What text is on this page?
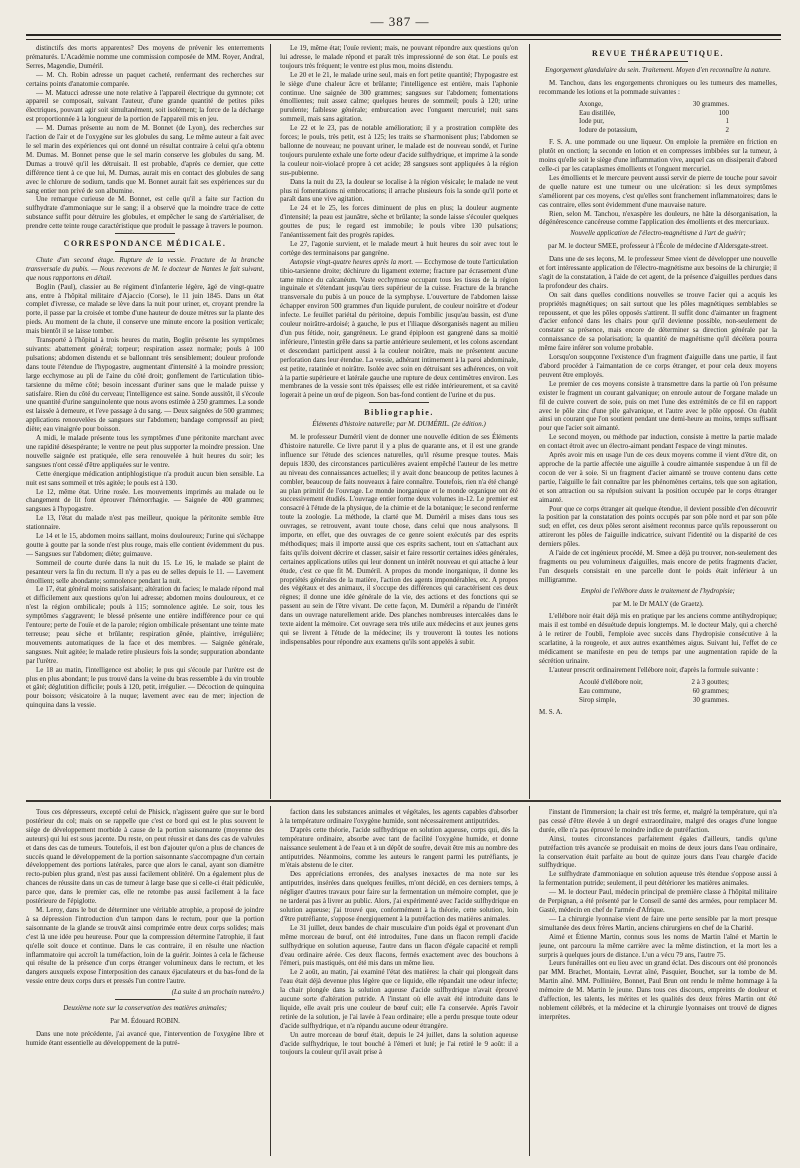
— 387 —

distinctifs des morts apparentes? Des moyens de prévenir les enterrements prématurés. L'Académie nomme une commission composée de MM. Royer, Andral, Serres, Magendie, Duméril.

— M. Ch. Robin adresse un paquet cacheté, renfermant des recherches sur certains points d'anatomie comparée.

— M. Matucci adresse une note relative à l'appareil électrique du gymnote; cet appareil se composait, suivant l'auteur, d'une grande quantité de petites piles électriques, pouvant agir soit simultanément, soit isolément; la force de la décharge est proportionnée à la longueur de la portion de l'appareil mis en jeu.

— M. Dumas présente au nom de M. Bonnet (de Lyon), des recherches sur l'action de l'air et de l'oxygène sur les globules du sang. Le même auteur a fait avec le sel marin des expériences qui ont donné un résultat contraire à celui qu'a obtenu M. Dumas. M. Bonnet pense que le sel marin conserve les globules du sang. M. Dumas a trouvé qu'il les détruisait. Il est probable, d'après ce dernier, que cette différence tient à ce que lui, M. Dumas, aurait mis en contact des globules de sang avec le chlorure de sodium, tandis que M. Bonnet aurait fait ses expériences sur du sang entier non privé de son albumine.

Une remarque curieuse de M. Bonnet, est celle qu'il a faite sur l'action du sulfhydrate d'ammoniaque sur le sang; il a observé que la moindre trace de cette substance suffit pour détruire les globules, et empêcher le sang de s'artérialiser, de prendre cette teinte rouge caractéristique que produit le passage à travers le poumon.

CORRESPONDANCE MÉDICALE.

Chute d'un second étage. Rupture de la vessie. Fracture de la branche transversale du pubis. — Nous recevons de M. le docteur de Nantes le fait suivant, que nous rapportons en détail.

Boglin (Paul), classier au 8e régiment d'infanterie légère, âgé de vingt-quatre ans, entre à l'hôpital militaire d'Ajaccio (Corse), le 11 juin 1845. Dans un état complet d'ivresse, ce malade se lève dans la nuit pour uriner, et, croyant prendre la porte, il passe par la croisée et tombe d'une hauteur de douze mètres sur la plante des pieds. Au moment de la chute, il conserve une minute encore la position verticale; mais bientôt il se laisse tomber.

Transporté à l'hôpital à trois heures du matin, Boglin présente les symptômes suivants: abattement général; torpeur; respiration assez normale; pouls à 100 pulsations; abdomen distendu et se ballonnant très sensiblement; douleur profonde dans toute l'étendue de l'hypogastre, augmentant d'intensité à la moindre pression; large ecchymose au pli de l'aine du côté droit; gonflement de l'articulation tibio-tarsienne du même côté; besoin incessant d'uriner sans que le malade puisse y satisfaire. Rien du côté du cerveau; l'intelligence est saine. Sonde aussitôt, il s'écoule une quantité d'urine sanguinolente que nous avons estimée à 250 grammes. La sonde est laissée à demeure, et l'eve passage à du sang. — Deux saignées de 500 grammes; applications renouvelées de sangsues sur l'abdomen; bandage compressif au pied; diète; eau vinaigrée pour boisson.

A midi, le malade présente tous les symptômes d'une péritonite marchant avec une rapidité désespérante; le ventre ne peut plus supporter la moindre pression. Une nouvelle saignée est pratiquée, elle sera renouvelée à huit heures du soir; les sangsues n'ont cessé d'être appliquées sur le ventre.

Cette énergique médication antiphlogistique n'a produit aucun bien sensible. La nuit est sans sommeil et très agitée; le pouls est à 130.

Le 12, même état. Urine rosée. Les mouvements imprimés au malade ou le changement de lit font éprouver l'hémorrhagie. — Saignée de 400 grammes; sangsues à l'hypogastre.

Le 13, l'état du malade n'est pas meilleur, quoique la péritonite semble être stationnaire.

Le 14 et le 15, abdomen moins saillant, moins douloureux; l'urine qui s'échappe goutte à goutte par la sonde n'est plus rouge, mais elle contient évidemment du pus. — Sangsues sur l'abdomen; diète; guimauve.

Sommeil de courte durée dans la nuit du 15. Le 16, le malade se plaint de pesanteur vers la fin du rectum. Il n'y a pas eu de selles depuis le 11. — Lavement émollient; selle abondante; somnolence pendant la nuit.

Le 17, état général moins satisfaisant; altération du facies; le malade répond mal et difficilement aux questions qu'on lui adresse; abdomen moins douloureux, et ce n'est la région ombilicale; pouls à 115; somnolence agitée. Le soir, tous les symptômes s'aggravent; le blessé présente une entière indifférence pour ce qui l'entoure; perte de l'ouïe et de la parole; région ombilicale présentant une teinte mate terreuse; peau sèche et brûlante; respiration gênée, plaintive, irrégulière; mouvements automatiques de la face et des membres. — Saignée générale, sangsues. Nuit agitée; le malade retire plusieurs fois la sonde; suppuration abondante par l'urètre.

Le 18 au matin, l'intelligence est abolie; le pus qui s'écoule par l'urètre est de plus en plus abondant; le pus trouvé dans la veine du bras ressemble à du vin trouble et gâté; déglutition difficile; pouls à 120, petit, irrégulier. — Décoction de quinquina pour boisson; vésicatoire à la nuque; lavement avec eau de mer; injection de quinquina dans la vessie.

Le 19, même état; l'ouïe revient; mais, ne pouvant répondre aux questions qu'on lui adresse, le malade répond et paraît très impressionné de son état. Le pouls est toujours très fréquent; le ventre est plus mou, moins distendu.

Le 20 et le 21, le malade urine seul, mais en fort petite quantité; l'hypogastre est le siège d'une chaleur âcre et brûlante; l'intelligence est entière, mais l'aphonie continue. Une saignée de 300 grammes; sangsues sur l'abdomen; fomentations émollientes; nuit assez calme; quelques heures de sommeil; pouls à 120; urine purulente; faiblesse générale; emburcation avec l'onguent mercuriel; nuit sans sommeil, mais sans agitation.

Le 22 et le 23, pas de notable amélioration; il y a prostration complète des forces; le pouls, très petit, est à 125; les traits se s'harmonisent plus; l'abdomen se ballonne de nouveau; ne pouvant uriner, le malade est de nouveau sondé, et l'urine toujours purulente exhale une forte odeur d'acide sulfhydrique, et imprime à la sonde la couleur noir-violacé propre à cet acide; 28 sangsues sont appliquées à la région sus-pubienne.

Dans la nuit du 23, la douleur se localise à la région vésicale; le malade ne veut plus ni fomentations ni embrocations; il arrache plusieurs fois la sonde qu'il porte et paraît dans une vive agitation.

Le 24 et le 25, les forces diminuent de plus en plus; la douleur augmente d'intensité; la peau est jaunâtre, sèche et brûlante; la sonde laisse s'écouler quelques gouttes de pus; le regard est immobile; le pouls vibre 130 pulsations; l'anéantissement fait des progrès rapides.

Le 27, l'agonie survient, et le malade meurt à huit heures du soir avec tout le cortège des terminaisons par gangrène.

Autopsie vingt-quatre heures après la mort. — Ecchymose de toute l'articulation tibio-tarsienne droite; déchirure du ligament externe; fracture par écrasement d'une tame mince du calcanéum. Vaste ecchymose occupant tous les tissus de la région inguinale et s'étendant jusqu'au tiers supérieur de la cuisse. Fracture de la branche transversale du pubis à un pouce de la symphyse. L'ouverture de l'abdomen laisse échapper environ 500 grammes d'un liquide purulent, de couleur noirâtre et d'odeur infecte. Le feuillet pariétal du péritoine, depuis l'ombilic jusqu'au bassin, est d'une couleur noirâtre-ardoisé; à gauche, le pus et l'iliaque désorganisés nagent au milieu d'un pus fétide, noir, gangréneux. Le grand épiploon est gangrené dans sa moitié inférieure, l'intestin grêle dans sa partie antérieure seulement, et les colons ascendant et descendant participent aussi à la couleur noirâtre, mais ne présentent aucune perforation dans leur étendue. La vessie, adhérant intimement à la paroi abdominale, est petite, ratatinée et noirâtre. Isolée avec soin en détruisant ses adhérences, on voit à la partie supérieure et latérale gauche une rupture de deux centimètres environ. Les membranes de la vessie sont très épaisses; elle est ridée intérieurement, et sa cavité logerait à peine un œuf de pigeon. Son bas-fond contient de l'urine et du pus.

Bibliographie.
Éléments d'histoire naturelle; par M. DUMÉRIL. (2e édition.)

M. le professeur Duméril vient de donner une nouvelle édition de ses Éléments d'histoire naturelle. Ce livre parut il y a plus de quarante ans, et il est une grande influence sur l'étude des sciences naturelles, qu'il résume presque toutes. Mais depuis 1830, des circonstances particulières avaient empêché l'auteur de les mettre au niveau des connaissances actuelles; il y avait donc beaucoup de petites lacunes à combler, beaucoup de faits nouveaux à faire connaître. Toutefois, rien n'a été changé au plan primitif de l'ouvrage. Le monde inorganique et le monde organique ont été successivement étudiés. L'ouvrage entier forme deux volumes in-12. Le premier est consacré à l'étude de la physique, de la chimie et de la botanique; le second renferme toute la zoologie. La méthode, la clarté que M. Duméril a mises dans tous ses ouvrages, se retrouvent, avant toute chose, dans celui que nous analysons. Il importe, en effet, que des ouvrages de ce genre soient exécutés par des esprits méthodiques; mais il importe aussi que ces esprits sachent, tout en s'attachant aux faits qu'ils doivent décrire et classer, saisir et faire ressortir certaines idées générales, certaines applications utiles qui leur donnent un intérêt nouveau et qui attache à leur étude, c'est ce que fit M. Duméril. A propos du monde inorganique, il donne les propriétés générales de la matière, l'action des agents impondérables, etc. A propos des végétaux et des animaux, il s'occupe des différences qui caractérisent ces deux règnes; il donne une idée générale de la vie, des actions et des fonctions qui se passent au sein de l'être vivant. De cette façon, M. Duméril a répandu de l'intérêt dans un ouvrage naturellement aride. Des planches nombreuses intercalées dans le texte aident la mémoire. Cet ouvrage sera très utile aux médecins et aux jeunes gens qui se livrent à l'étude de la médecine; ils y trouveront là toutes les notions indispensables pour répondre aux examens qu'ils sont appelés à subir.

REVUE THÉRAPEUTIQUE.
Engorgement glandulaire du sein. Traitement. Moyen d'en reconnaître la nature.

M. Tanchou, dans les engorgements chroniques ou les tumeurs des mamelles, recommande les lotions et la pommade suivantes :

Axonge,	30 grammes.
Eau distillée,	100
Iode pur,	1
Iodure de potassium,	2

F. S. A. une pommade ou une liqueur. On emploie la première en friction en plutôt en onction; la seconde en lotion et en compresses imbibées sur la tumeur, à moins qu'elle soit le siège d'une inflammation vive, auquel cas on dissiperait d'abord celle-ci par les cataplasmes émollients et l'onguent mercuriel.

Les émollients et le mercure peuvent aussi servir de pierre de touche pour savoir de quelle nature est une tumeur ou une ulcération: si les deux symptômes s'améliorent par ces moyens, c'est qu'elles sont franchement inflammatoires; dans le cas contraire, elles sont évidemment d'une mauvaise nature.

Rien, selon M. Tanchou, n'exaspère les douleurs, ne hâte la désorganisation, la dégénérescence cancéreuse comme l'application des émollients et des mercuriaux.

Nouvelle application de l'électro-magnétisme à l'art de guérir;
par M. le docteur SMEE, professeur à l'École de médecine d'Aldersgate-street.

Dans une de ses leçons, M. le professeur Smee vient de développer une nouvelle et fort intéressante application de l'électro-magnétisme aux besoins de la chirurgie; il s'agit de la constatation, à l'aide de cet agent, de la présence d'aiguilles perdues dans la profondeur des chairs.

On sait dans quelles conditions nouvelles se trouve l'acier qui a acquis les propriétés magnétiques; on sait surtout que les pôles magnétiques semblables se repoussent, et que les pôles opposés s'attirent. Il suffit donc d'aimanter un fragment d'acier enfoncé dans les chairs pour qu'il devienne possible, non-seulement de constater sa présence, mais encore de déterminer sa direction générale par la connaissance de sa polarisation; la quantité de magnétisme qu'il décèlera pourra même faire inférer son volume probable.

Lorsqu'on soupçonne l'existence d'un fragment d'aiguille dans une partie, il faut d'abord procéder à l'aimantation de ce corps étranger, et pour cela deux moyens peuvent être employés.

Le premier de ces moyens consiste à transmettre dans la partie où l'on présume exister le fragment un courant galvanique; on enroule autour de l'organe malade un fil de cuivre couvert de soie, puis on met l'une des extrémités de ce fil en rapport avec le pôle zinc d'une pile galvanique, et l'autre avec le pôle opposé. On établit ainsi un courant que l'on soutient pendant une demi-heure au moins, temps suffisant pour que l'acier soit aimanté.

Le second moyen, ou méthode par induction, consiste à mettre la partie malade en contact étroit avec un électro-aimant pendant l'espace de vingt minutes.

Après avoir mis en usage l'un de ces deux moyens comme il vient d'être dit, on approche de la partie affectée une aiguille à coudre aimantée suspendue à un fil de cocon de ver à soie. Si un fragment d'acier aimanté se trouve contenu dans cette partie, l'aiguille le fait connaître par les phénomènes certains, tels que son agitation, et son attraction ou sa répulsion suivant la position occupée par le corps étranger aimanté.

Pour que ce corps étranger ait quelque étendue, il devient possible d'en découvrir la position par la constatation des points occupés par son pôle nord et par son pôle sud; en effet, ces deux pôles seront aisément reconnus parce qu'ils repousseront ou attireront les pôles de l'aiguille indicatrice, suivant l'identité ou la disparité de ces derniers pôles.

A l'aide de cet ingénieux procédé, M. Smee a déjà pu trouver, non-seulement des fragments ou peu volumineux d'aiguilles, mais encore de petits fragments d'acier, l'un desquels consistait en une parcelle dont le poids était inférieur à un milligramme.

Emploi de l'ellébore dans le traitement de l'hydropisie;
par M. le Dr MALY (de Graetz).

L'ellébore noir était déjà mis en pratique par les anciens comme antihydropique; mais il est tombé en désuétude depuis longtemps. M. le docteur Maly, qui a cherché à le retirer de l'oubli, l'emploie avec succès dans l'hydropisie consécutive à la scarlatine, à la rougeole, et aux autres exanthèmes aigus. Suivant lui, l'effet de ce médicament se manifeste en peu de temps par une augmentation rapide de la sécrétion urinaire.

L'auteur prescrit ordinairement l'ellébore noir, d'après la formule suivante :

Acoulé d'ellébore noir,	2 à 3 gouttes;
Eau commune,	60 grammes;
Sirop simple,	30 grammes.

M. S. A.

Tous ces dépresseurs, excepté celui de Phisick, n'agissent guère que sur le bord postérieur du col; mais on se rappelle que c'est ce bord qui est le plus souvent le siège de développement morbide à cause de la portion saisonnante (moyenne des auteurs) qui lui est sous jacente. Du reste, on peut réussir et dans des cas de valvules et dans des cas de tumeurs. Toutefois, il est bon d'ajouter qu'on a plus de chances de succès quand le développement de la portion saisonnante s'accompagne d'un certain développement des portions latérales, parce que alors le canal, ayant son diamètre recto-pubien plus grand, n'est pas aussi facilement oblitéré. On a également plus de chances de réussite dans un cas de tumeur à large base que si celle-ci était pédiculée, parce que, dans le premier cas, elle ne retombe pas aussi facilement à la face postérieure de l'épiglotte.

M. Leroy, dans le but de déterminer une véritable atrophie, a proposé de joindre à sa dépression l'introduction d'un tampon dans le rectum, pour que la portion saisonnante de la glande se trouvât ainsi comprimée entre deux corps solides; mais c'est là une idée peu heureuse. Pour que la compression détermine l'atrophie, il faut qu'elle soit douce et continue. Dans le cas contraire, il en résulte une réaction inflammatoire qui accroît la tuméfaction, loin de la guérir. Jointes à cela le fâcheuse qui résulte de la présence d'un corps étranger volumineux dans le rectum, et les dangers auxquels expose l'interposition des canaux éjaculateurs et du bas-fond de la vessie entre deux corps durs et pressés l'un contre l'autre.

(La suite à un prochain numéro.)
Deuxième note sur la conservation des matières animales;
Par M. Édouard ROBIN.

Dans une note précédente, j'ai avancé que, l'intervention de l'oxygène libre et humide étant essentielle au développement de la putré-

faction dans les substances animales et végétales, les agents capables d'absorber à la température ordinaire l'oxygène humide, sont nécessairement antiputrides.

D'après cette théorie, l'acide sulfhydrique en solution aqueuse, corps qui, dès la température ordinaire, absorbe avec tant de facilité l'oxygène humide, et donne naissance seulement à de l'eau et à un dépôt de soufre, devait être mis au nombre des antiputrides. Néanmoins, comme les auteurs le rangent parmi les putréfiants, je m'étais abstenu de le citer.

Des appréciations erronées, des analyses inexactes de ma note sur les antiputrides, insérées dans quelques feuilles, m'ont décidé, en ces derniers temps, à négliger d'autres travaux pour faire sur la fermentation un mémoire complet, que je ne tarderai pas à livrer au public. Alors, j'ai expérimenté avec l'acide sulfhydrique en solution aqueuse; j'ai trouvé que, conformément à la théorie, cette solution, loin d'être putréfiante, s'oppose énergiquement à la putréfaction des matières animales.

Le 31 juillet, deux bandes de chair musculaire d'un poids égal et provenant d'un même morceau de bœuf, ont été introduites, l'une dans un flacon rempli d'acide sulfhydrique en solution aqueuse, l'autre dans un flacon d'égale capacité et rempli d'eau ordinaire aérée. Ces deux flacons, fermés exactement avec des bouchons à l'émeri, puis mastiqués, ont été mis dans un même lieu.

Le 2 août, au matin, j'ai examiné l'état des matières: la chair qui plongeait dans l'eau était déjà devenue plus légère que ce liquide, elle répandait une odeur infecte; la chair plongée dans la solution aqueuse d'acide sulfhydrique n'avait éprouvé aucune sorte d'altération putride. A l'instant où elle avait été introduite dans le liquide, elle avait pris une couleur de bœuf cuit; elle l'a conservée. Après l'avoir retirée de la solution, je l'ai lavée à l'eau ordinaire; elle a perdu presque toute odeur d'acide sulfhydrique, et n'a répandu aucune odeur étrangère.

Un autre morceau de bœuf était, depuis le 24 juillet, dans la solution aqueuse d'acide sulfhydrique, le tout bouché à l'émeri et luté; je l'ai retiré le 9 août: il a toujours la couleur qu'il avait prise à

l'instant de l'immersion; la chair est très ferme, et, malgré la température, qui n'a pas cessé d'être élevée à un degré extraordinaire, malgré des orages d'une longue durée, elle n'a pas éprouvé le moindre indice de putréfaction.

Ainsi, toutes circonstances parfaitement égales d'ailleurs, tandis qu'une putréfaction très avancée se produisait en moins de deux jours dans l'eau ordinaire, la conservation était parfaite au bout de quinze jours dans l'eau chargée d'acide sulfhydrique.

Le sulfhydrate d'ammoniaque en solution aqueuse très étendue s'oppose aussi à la fermentation putride; seulement, il peut détériorer les matières animales.

— M. le docteur Paul, médecin principal de première classe à l'hôpital militaire de Perpignan, a été présenté par le Conseil de santé des armées, pour remplacer M. Gasté, médecin en chef de l'armée d'Afrique.

— La chirurgie lyonnaise vient de faire une perte sensible par la mort presque simultanée des deux frères Martin, anciens chirurgiens en chef de la Charité.

Aimé et Étienne Martin, connus sous les noms de Martin l'aîné et Martin le jeune, ont parcouru la même carrière avec la même distinction, et la mort les a surpris à quelques jours de distance. L'un a vécu 79 ans, l'autre 75.

Leurs funérailles ont eu lieu avec un grand éclat. Des discours ont été prononcés par MM. Brachet, Montain, Levrat aîné, Pasquier, Bouchet, sur la tombe de M. Martin aîné. MM. Pollinière, Bonnet, Paul Brun ont rendu le même hommage à la mémoire de M. Martin le jeune. Dans tous ces discours, empreints de douleur et d'affection, les talents, les mérites et les qualités des deux frères Martin ont été noblement célébrés, et la médecine et la chirurgie lyonnaises ont trouvé de dignes interprètes.
